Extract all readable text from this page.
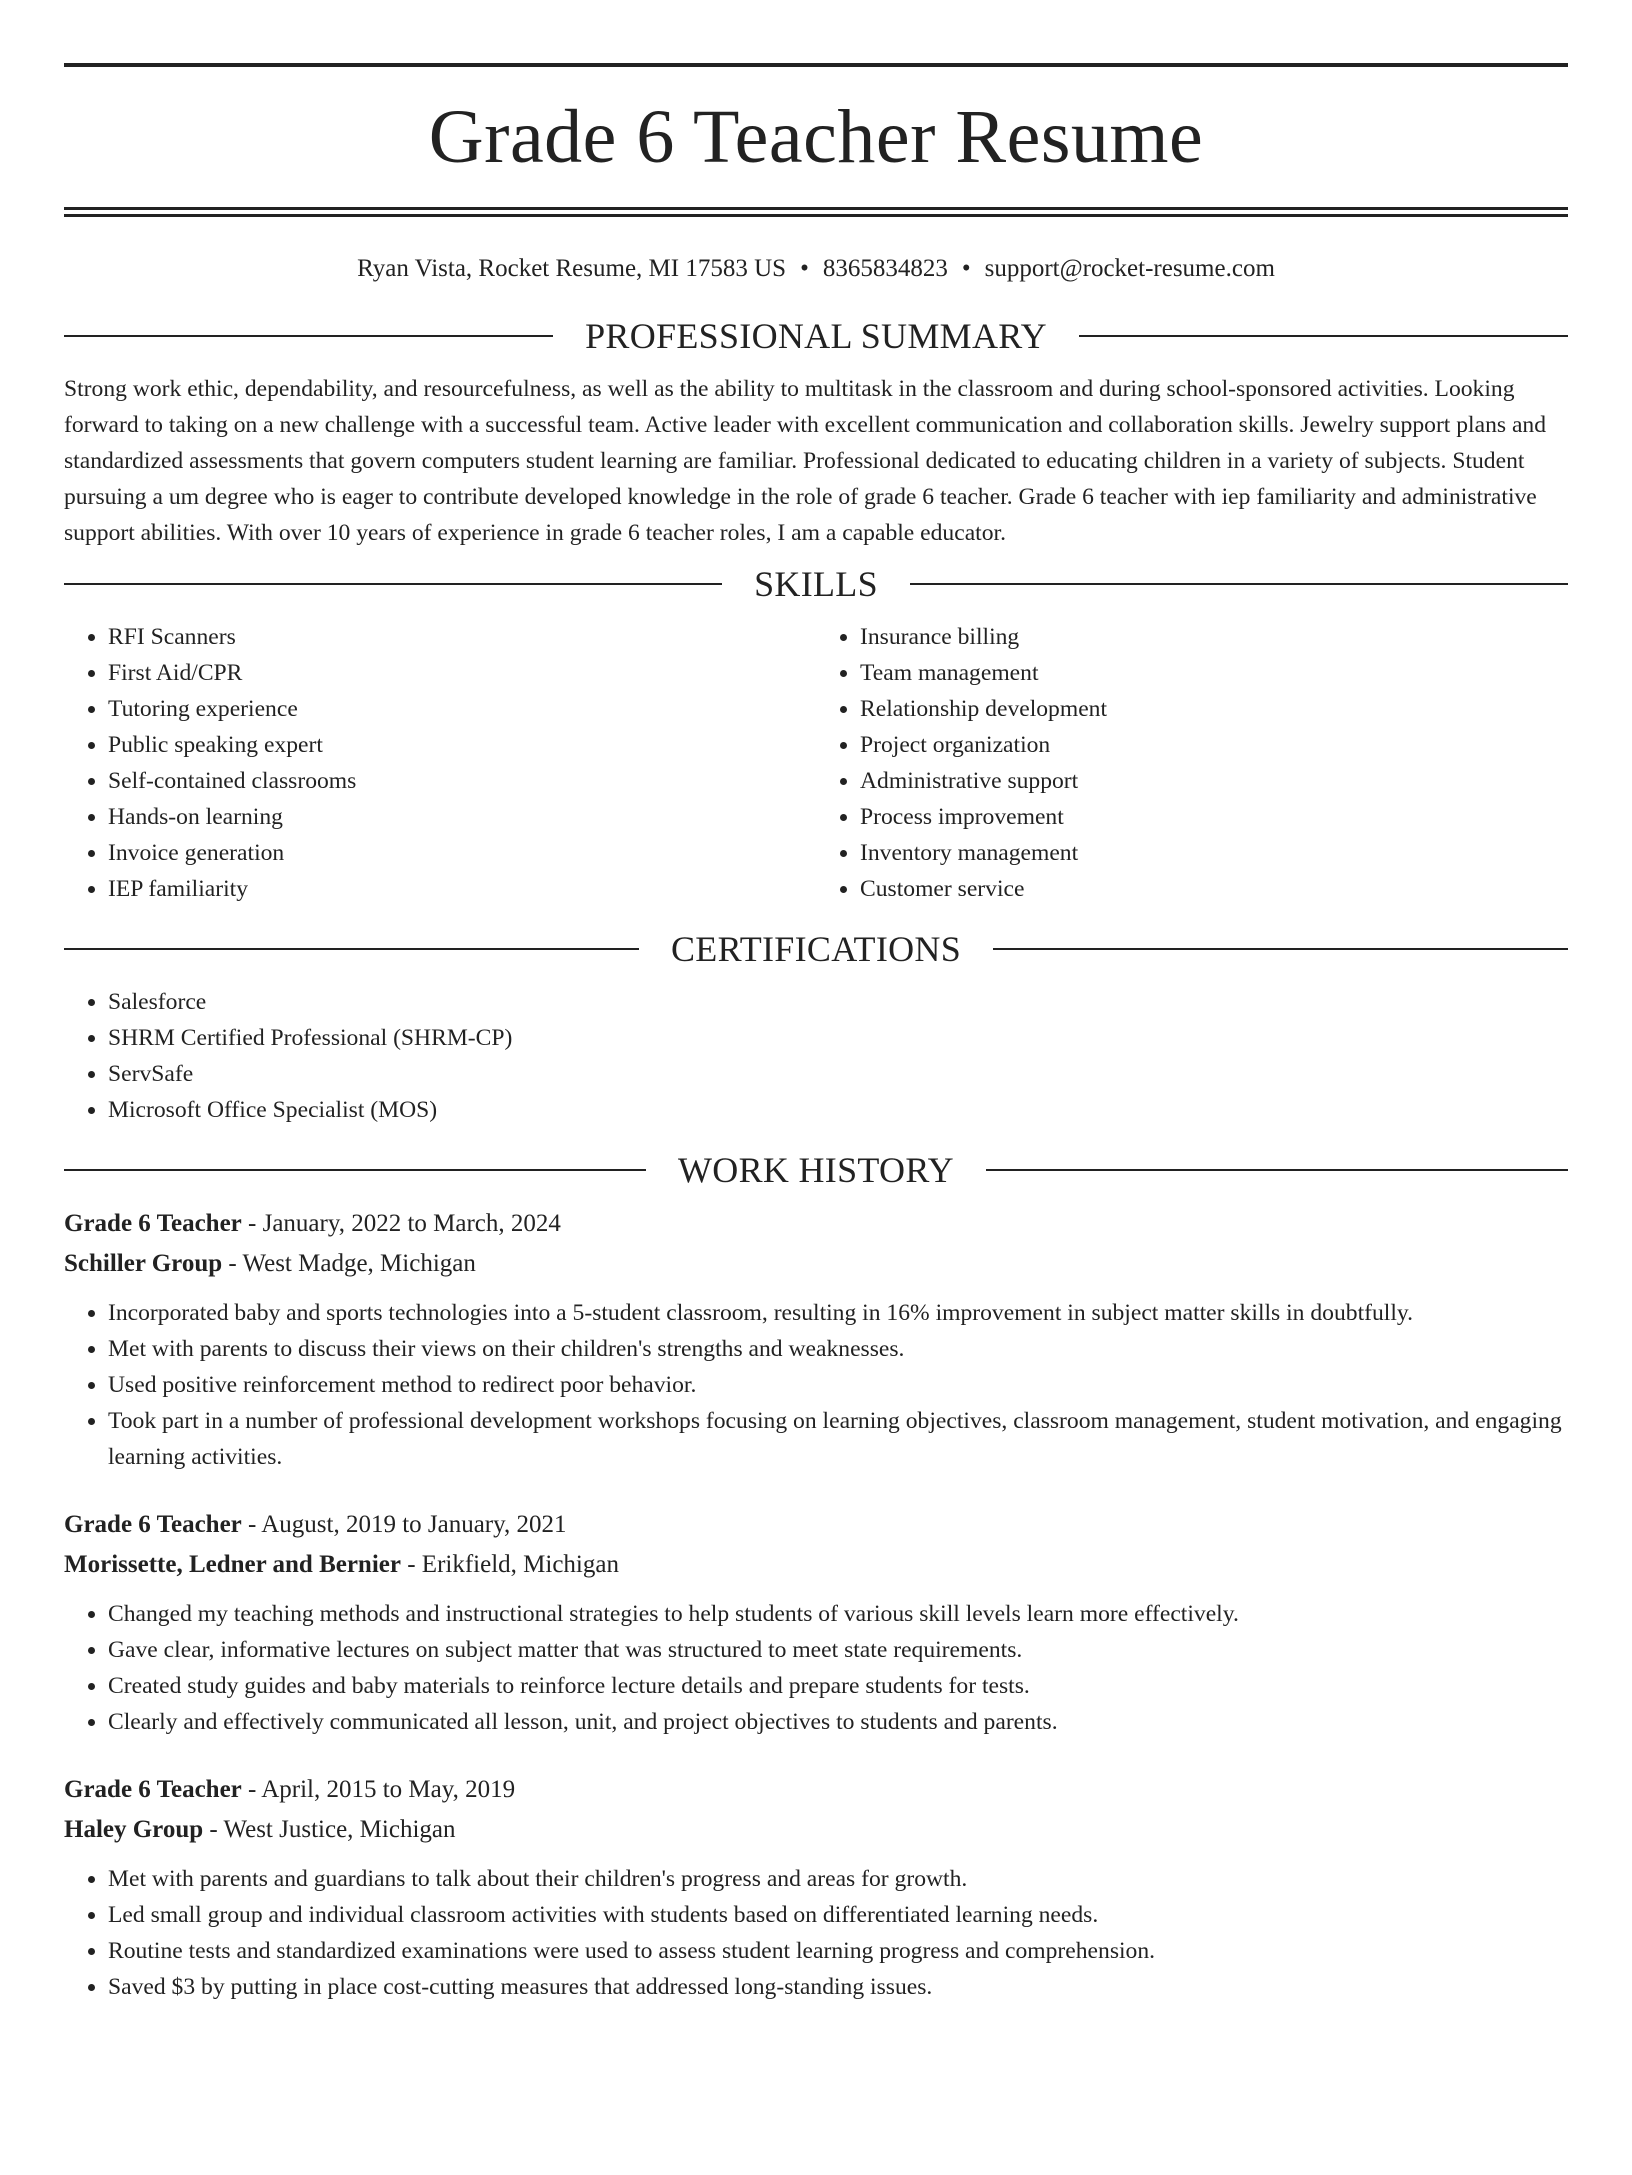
Grade 6 Teacher Resume
Ryan Vista, Rocket Resume, MI 17583 US • 8365834823 • support@rocket-resume.com
PROFESSIONAL SUMMARY

Strong work ethic, dependability, and resourcefulness, as well as the ability to multitask in the classroom and during school-sponsored activities. Looking forward to taking on a new challenge with a successful team. Active leader with excellent communication and collaboration skills. Jewelry support plans and standardized assessments that govern computers student learning are familiar. Professional dedicated to educating children in a variety of subjects. Student pursuing a um degree who is eager to contribute developed knowledge in the role of grade 6 teacher. Grade 6 teacher with iep familiarity and administrative support abilities. With over 10 years of experience in grade 6 teacher roles, I am a capable educator.

SKILLS
• RFI Scanners
• First Aid/CPR
• Tutoring experience
• Public speaking expert
• Self-contained classrooms
• Hands-on learning
• Invoice generation
• IEP familiarity
• Insurance billing
• Team management
• Relationship development
• Project organization
• Administrative support
• Process improvement
• Inventory management
• Customer service
CERTIFICATIONS
• Salesforce
• SHRM Certified Professional (SHRM-CP)
• ServSafe
• Microsoft Office Specialist (MOS)
WORK HISTORY
Grade 6 Teacher - January, 2022 to March, 2024
Schiller Group - West Madge, Michigan
• Incorporated baby and sports technologies into a 5-student classroom, resulting in 16% improvement in subject matter skills in doubtfully.
• Met with parents to discuss their views on their children's strengths and weaknesses.
• Used positive reinforcement method to redirect poor behavior.
• Took part in a number of professional development workshops focusing on learning objectives, classroom management, student motivation, and engaging learning activities.
Grade 6 Teacher - August, 2019 to January, 2021
Morissette, Ledner and Bernier - Erikfield, Michigan
• Changed my teaching methods and instructional strategies to help students of various skill levels learn more effectively.
• Gave clear, informative lectures on subject matter that was structured to meet state requirements.
• Created study guides and baby materials to reinforce lecture details and prepare students for tests.
• Clearly and effectively communicated all lesson, unit, and project objectives to students and parents.
Grade 6 Teacher - April, 2015 to May, 2019
Haley Group - West Justice, Michigan
• Met with parents and guardians to talk about their children's progress and areas for growth.
• Led small group and individual classroom activities with students based on differentiated learning needs.
• Routine tests and standardized examinations were used to assess student learning progress and comprehension.
• Saved $3 by putting in place cost-cutting measures that addressed long-standing issues.
